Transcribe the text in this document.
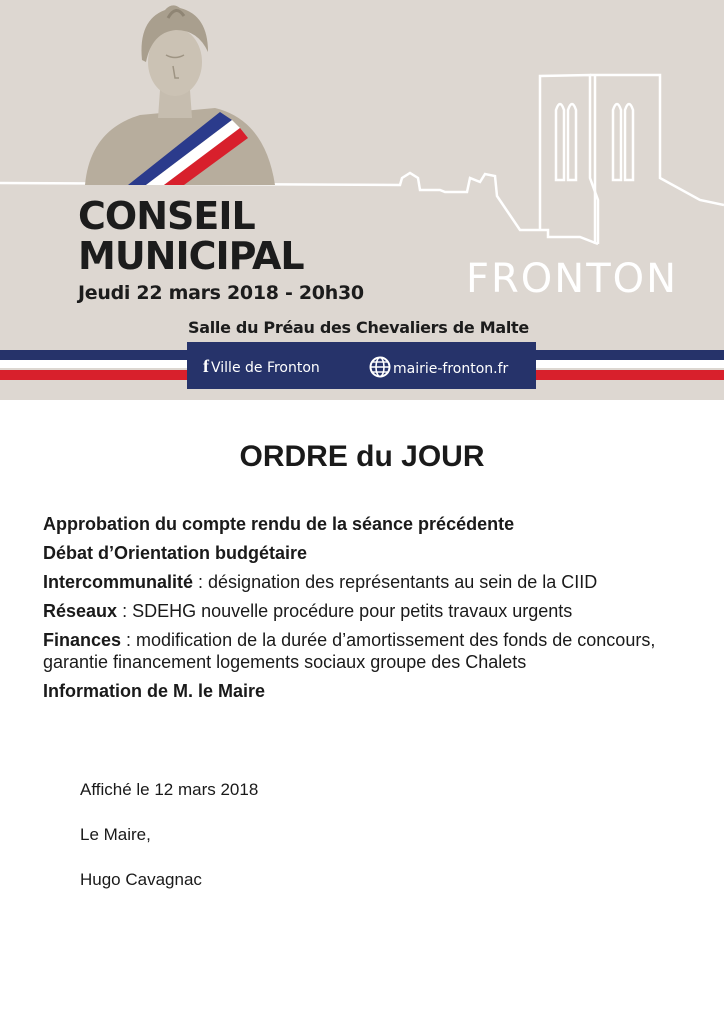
CONSEIL
MUNICIPAL
Jeudi 22 mars 2018 - 20h30	FRONTON
Salle du Préau des Chevaliers de Malte
f Ville de Fronton	mairie-fronton.fr
ORDRE du JOUR
Approbation du compte rendu de la séance précédente
Débat d’Orientation budgétaire
Intercommunalité : désignation des représentants au sein de la CIID
Réseaux : SDEHG nouvelle procédure pour petits travaux urgents
Finances : modification de la durée d’amortissement des fonds de concours, garantie financement logements sociaux groupe des Chalets
Information de M. le Maire
Affiché le 12 mars 2018
Le Maire,
Hugo Cavagnac
